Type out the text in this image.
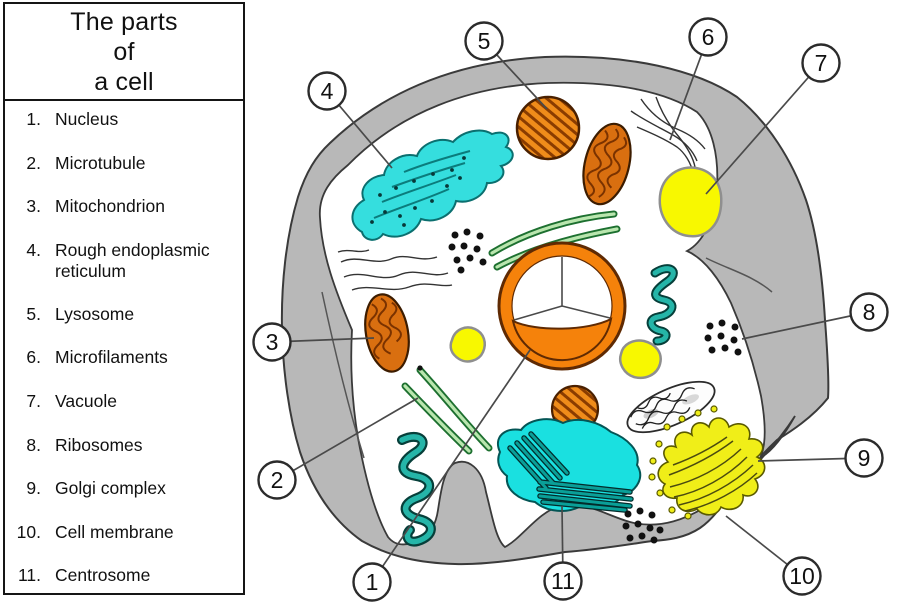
1
2
3
4
5	6
7
8
9
10
11
The parts
of
a cell
1. Nucleus
2. Microtubule
3. Mitochondrion
4. Rough endoplasmic reticulum
5. Lysosome
6. Microfilaments
7. Vacuole
8. Ribosomes
9. Golgi complex
10. Cell membrane
11. Centrosome
